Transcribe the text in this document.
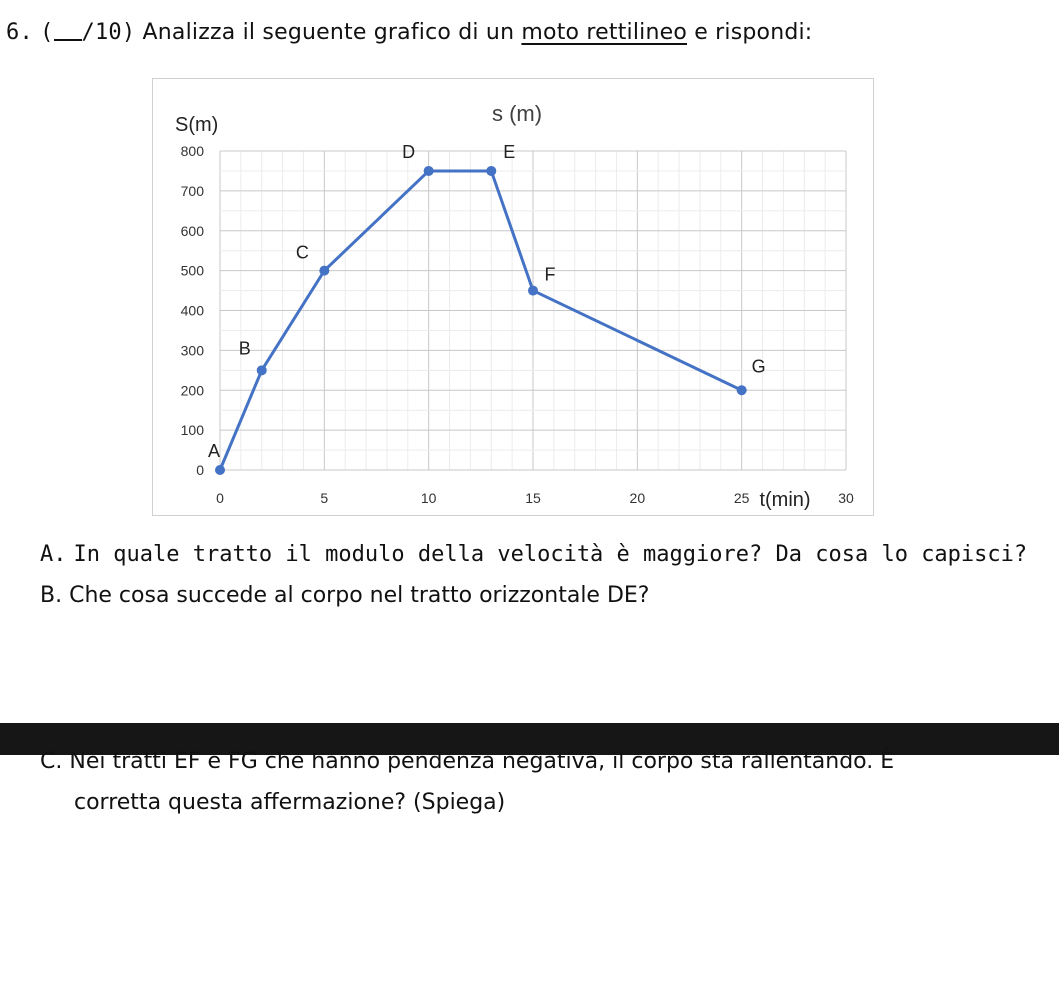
6. ( /10) Analizza il seguente grafico di un moto rettilineo e rispondi:
s (m)
S(m)
t(min)
0
100
200
300
400
500
600
700
800
0	5	10	15	20	25	30
A
B
C
D	E
F
G
A. In quale tratto il modulo della velocità è maggiore? Da cosa lo capisci?
B. Che cosa succede al corpo nel tratto orizzontale DE?
C. Nei tratti EF e FG che hanno pendenza negativa, il corpo sta rallentando. È
corretta questa affermazione? (Spiega)
